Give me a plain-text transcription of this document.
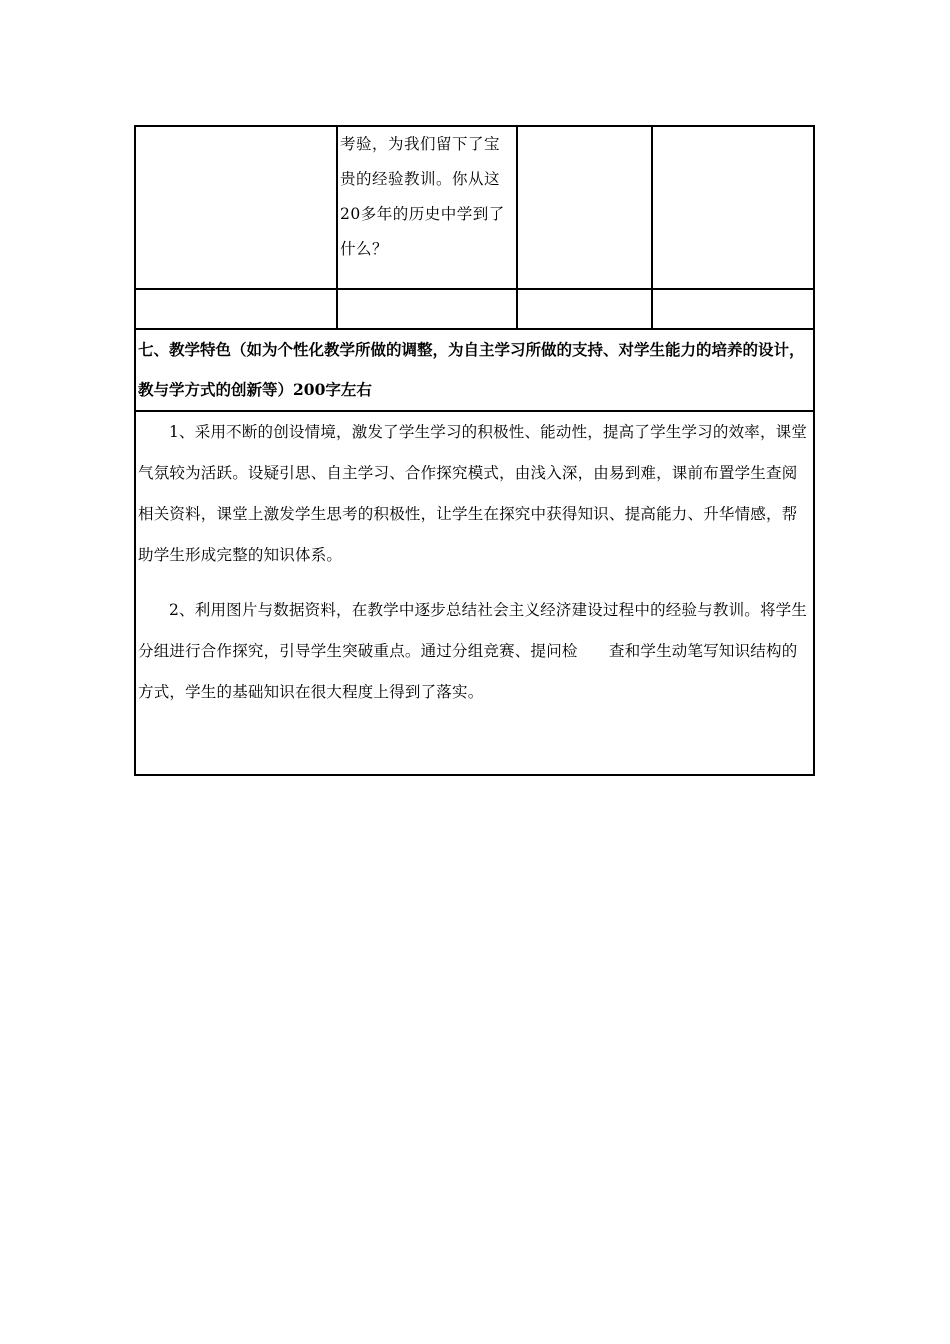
	考验，为我们留下了宝贵的经验教训。你从这20多年的历史中学到了什么？		

七、教学特色（如为个性化教学所做的调整，为自主学习所做的支持、对学生能力的培养的设计，教与学方式的创新等）200字左右			

1、采用不断的创设情境，激发了学生学习的积极性、能动性，提高了学生学习的效率，课堂气氛较为活跃。设疑引思、自主学习、合作探究模式，由浅入深，由易到难，课前布置学生查阅相关资料，课堂上激发学生思考的积极性，让学生在探究中获得知识、提高能力、升华情感，帮助学生形成完整的知识体系。

2、利用图片与数据资料，在教学中逐步总结社会主义经济建设过程中的经验与教训。将学生分组进行合作探究，引导学生突破重点。通过分组竞赛、提问检　　查和学生动笔写知识结构的方式，学生的基础知识在很大程度上得到了落实。			
